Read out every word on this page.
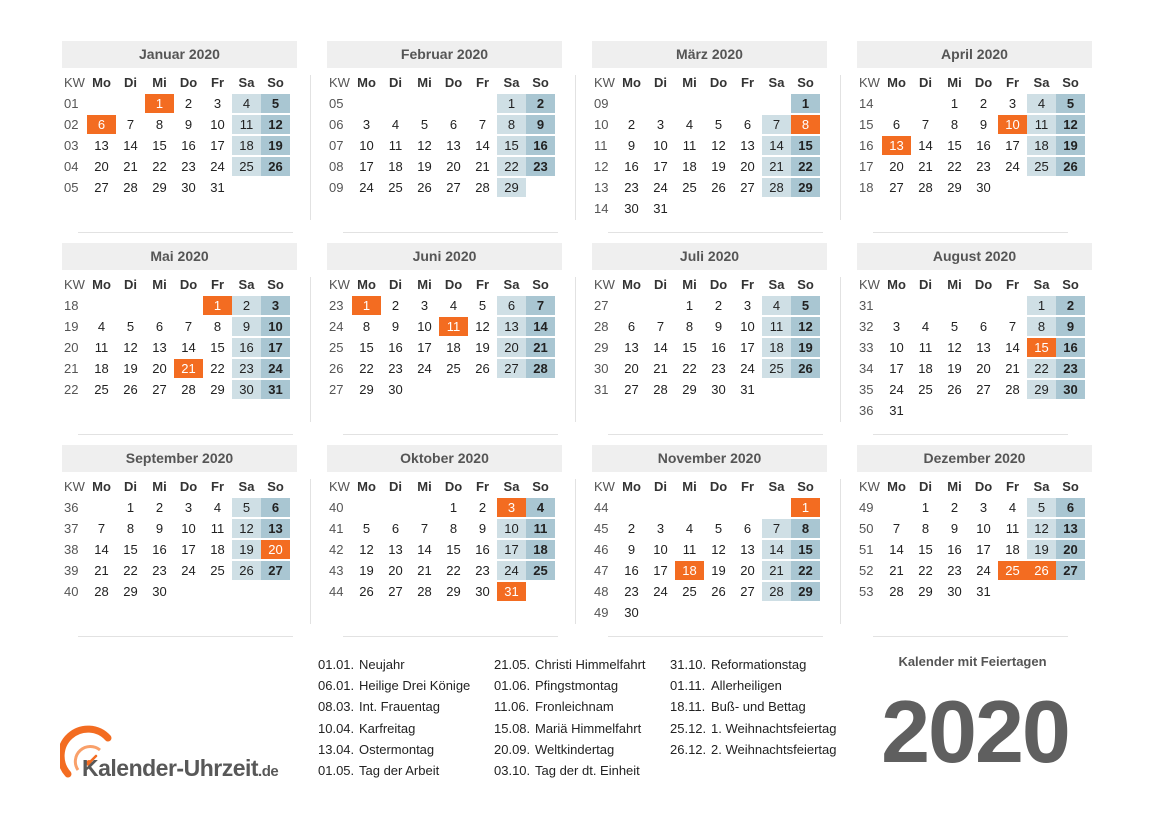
Januar 2020
KW	Mo	Di	Mi	Do	Fr	Sa	So
01			1	2	3	4	5
02	6	7	8	9	10	11	12
03	13	14	15	16	17	18	19
04	20	21	22	23	24	25	26
05	27	28	29	30	31		
Februar 2020
KW	Mo	Di	Mi	Do	Fr	Sa	So
05						1	2
06	3	4	5	6	7	8	9
07	10	11	12	13	14	15	16
08	17	18	19	20	21	22	23
09	24	25	26	27	28	29	
März 2020
KW	Mo	Di	Mi	Do	Fr	Sa	So
09							1
10	2	3	4	5	6	7	8
11	9	10	11	12	13	14	15
12	16	17	18	19	20	21	22
13	23	24	25	26	27	28	29
14	30	31					
April 2020
KW	Mo	Di	Mi	Do	Fr	Sa	So
14			1	2	3	4	5
15	6	7	8	9	10	11	12
16	13	14	15	16	17	18	19
17	20	21	22	23	24	25	26
18	27	28	29	30			
Mai 2020
KW	Mo	Di	Mi	Do	Fr	Sa	So
18					1	2	3
19	4	5	6	7	8	9	10
20	11	12	13	14	15	16	17
21	18	19	20	21	22	23	24
22	25	26	27	28	29	30	31
Juni 2020
KW	Mo	Di	Mi	Do	Fr	Sa	So
23	1	2	3	4	5	6	7
24	8	9	10	11	12	13	14
25	15	16	17	18	19	20	21
26	22	23	24	25	26	27	28
27	29	30					
Juli 2020
KW	Mo	Di	Mi	Do	Fr	Sa	So
27			1	2	3	4	5
28	6	7	8	9	10	11	12
29	13	14	15	16	17	18	19
30	20	21	22	23	24	25	26
31	27	28	29	30	31		
August 2020
KW	Mo	Di	Mi	Do	Fr	Sa	So
31						1	2
32	3	4	5	6	7	8	9
33	10	11	12	13	14	15	16
34	17	18	19	20	21	22	23
35	24	25	26	27	28	29	30
36	31						
September 2020
KW	Mo	Di	Mi	Do	Fr	Sa	So
36		1	2	3	4	5	6
37	7	8	9	10	11	12	13
38	14	15	16	17	18	19	20
39	21	22	23	24	25	26	27
40	28	29	30				
Oktober 2020
KW	Mo	Di	Mi	Do	Fr	Sa	So
40				1	2	3	4
41	5	6	7	8	9	10	11
42	12	13	14	15	16	17	18
43	19	20	21	22	23	24	25
44	26	27	28	29	30	31	
November 2020
KW	Mo	Di	Mi	Do	Fr	Sa	So
44							1
45	2	3	4	5	6	7	8
46	9	10	11	12	13	14	15
47	16	17	18	19	20	21	22
48	23	24	25	26	27	28	29
49	30						
Dezember 2020
KW	Mo	Di	Mi	Do	Fr	Sa	So
49		1	2	3	4	5	6
50	7	8	9	10	11	12	13
51	14	15	16	17	18	19	20
52	21	22	23	24	25	26	27
53	28	29	30	31			
01.01. Neujahr
06.01. Heilige Drei Könige
08.03. Int. Frauentag
10.04. Karfreitag
13.04. Ostermontag
01.05. Tag der Arbeit
21.05. Christi Himmelfahrt
01.06. Pfingstmontag
11.06. Fronleichnam
15.08. Mariä Himmelfahrt
20.09. Weltkindertag
03.10. Tag der dt. Einheit
31.10. Reformationstag
01.11. Allerheiligen
18.11. Buß- und Bettag
25.12. 1. Weihnachtsfeiertag
26.12. 2. Weihnachtsfeiertag
Kalender-Uhrzeit.de
Kalender mit Feiertagen
2020
